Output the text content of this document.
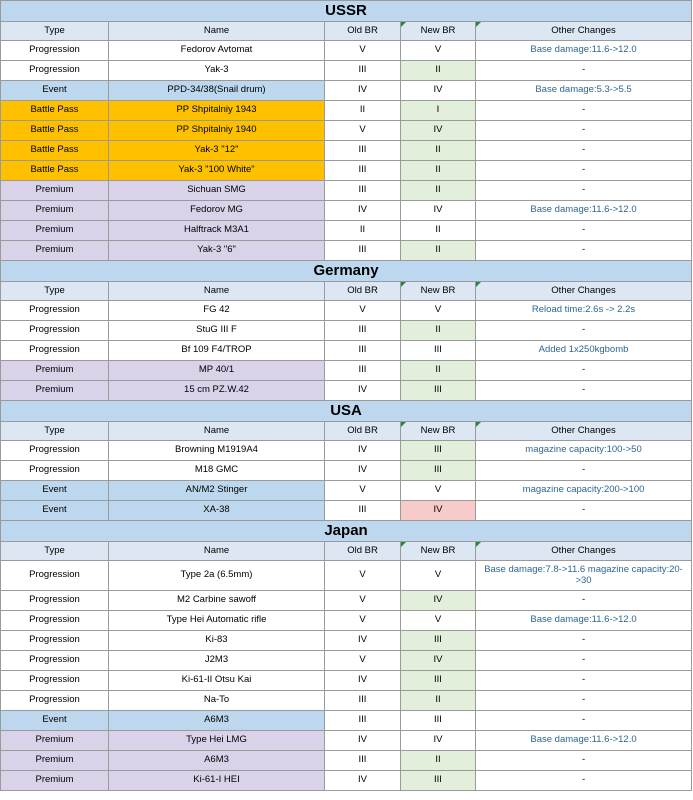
USSR				
Type	Name	Old BR	New BR	Other Changes
Progression	Fedorov Avtomat	V	V	Base damage:11.6->12.0
Progression	Yak-3	III	II	-
Event	PPD-34/38(Snail drum)	IV	IV	Base damage:5.3->5.5
Battle Pass	PP Shpitalniy 1943	II	I	-
Battle Pass	PP Shpitalniy 1940	V	IV	-
Battle Pass	Yak-3 "12"	III	II	-
Battle Pass	Yak-3 "100 White"	III	II	-
Premium	Sichuan SMG	III	II	-
Premium	Fedorov MG	IV	IV	Base damage:11.6->12.0
Premium	Halftrack M3A1	II	II	-
Premium	Yak-3 "6"	III	II	-
Germany				
Type	Name	Old BR	New BR	Other Changes
Progression	FG 42	V	V	Reload time:2.6s -> 2.2s
Progression	StuG III F	III	II	-
Progression	Bf 109 F4/TROP	III	III	Added 1x250kgbomb
Premium	MP 40/1	III	II	-
Premium	15 cm PZ.W.42	IV	III	-
USA				
Type	Name	Old BR	New BR	Other Changes
Progression	Browning M1919A4	IV	III	magazine capacity:100->50
Progression	M18 GMC	IV	III	-
Event	AN/M2 Stinger	V	V	magazine capacity:200->100
Event	XA-38	III	IV	-
Japan				
Type	Name	Old BR	New BR	Other Changes
Progression	Type 2a (6.5mm)	V	V	Base damage:7.8->11.6 magazine capacity:20->30
Progression	M2 Carbine sawoff	V	IV	-
Progression	Type Hei Automatic rifle	V	V	Base damage:11.6->12.0
Progression	Ki-83	IV	III	-
Progression	J2M3	V	IV	-
Progression	Ki-61-II Otsu Kai	IV	III	-
Progression	Na-To	III	II	-
Event	A6M3	III	III	-
Premium	Type Hei LMG	IV	IV	Base damage:11.6->12.0
Premium	A6M3	III	II	-
Premium	Ki-61-I HEI	IV	III	-
